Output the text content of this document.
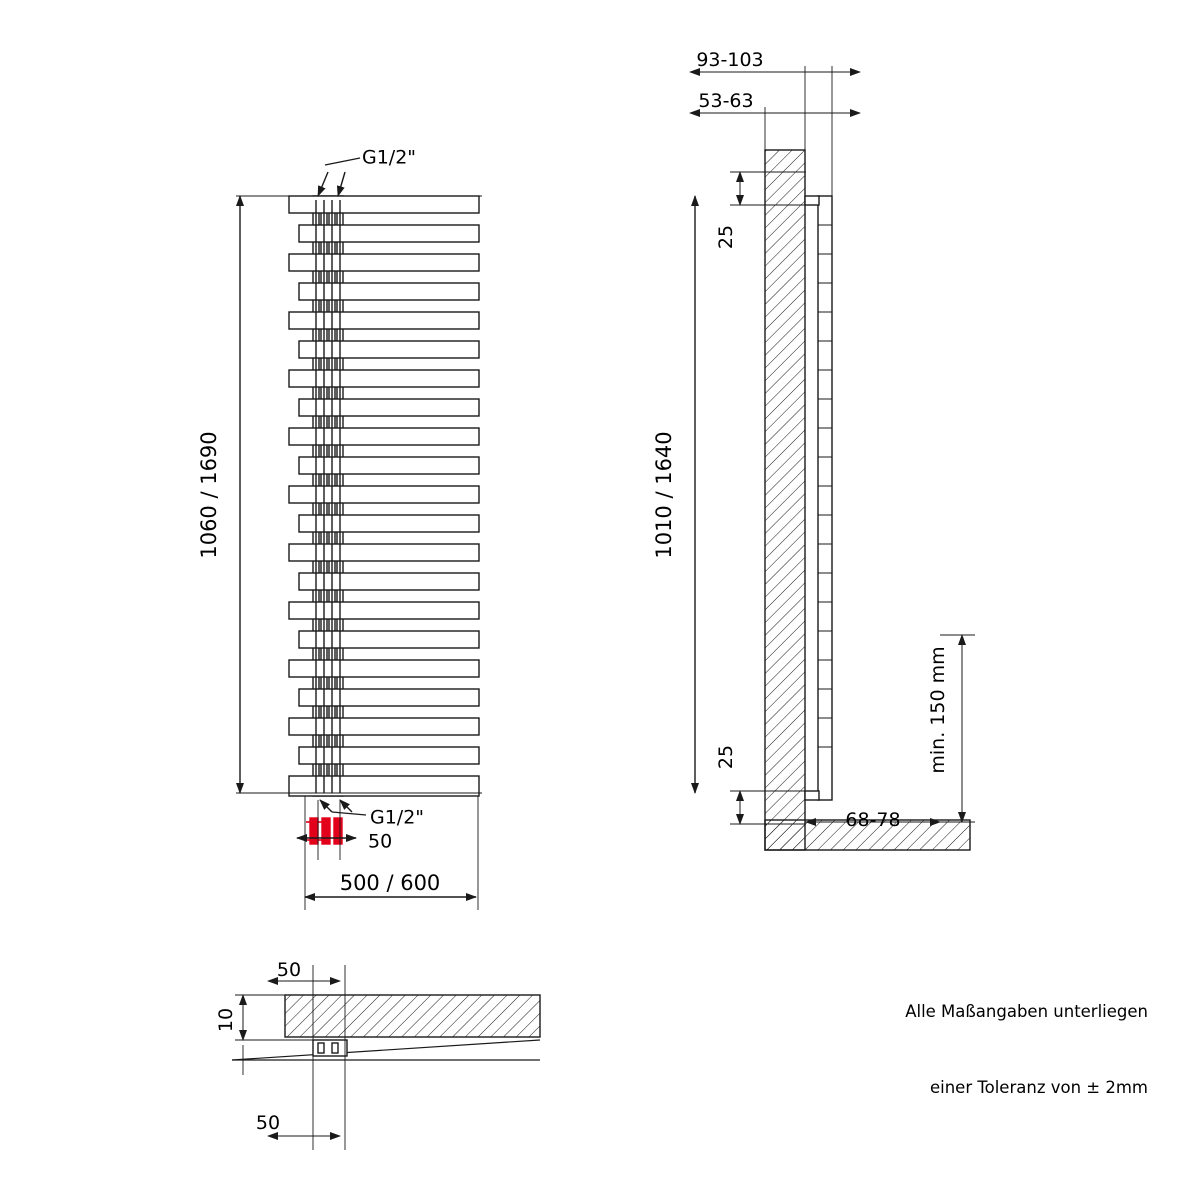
G1/2"
G1/2"
1060 / 1690
50
500 / 600
93-103
53-63
25
25
1010 / 1640
68-78
min. 150 mm
50
10
50

Alle Maßangaben unterliegen

einer Toleranz von ± 2mm
